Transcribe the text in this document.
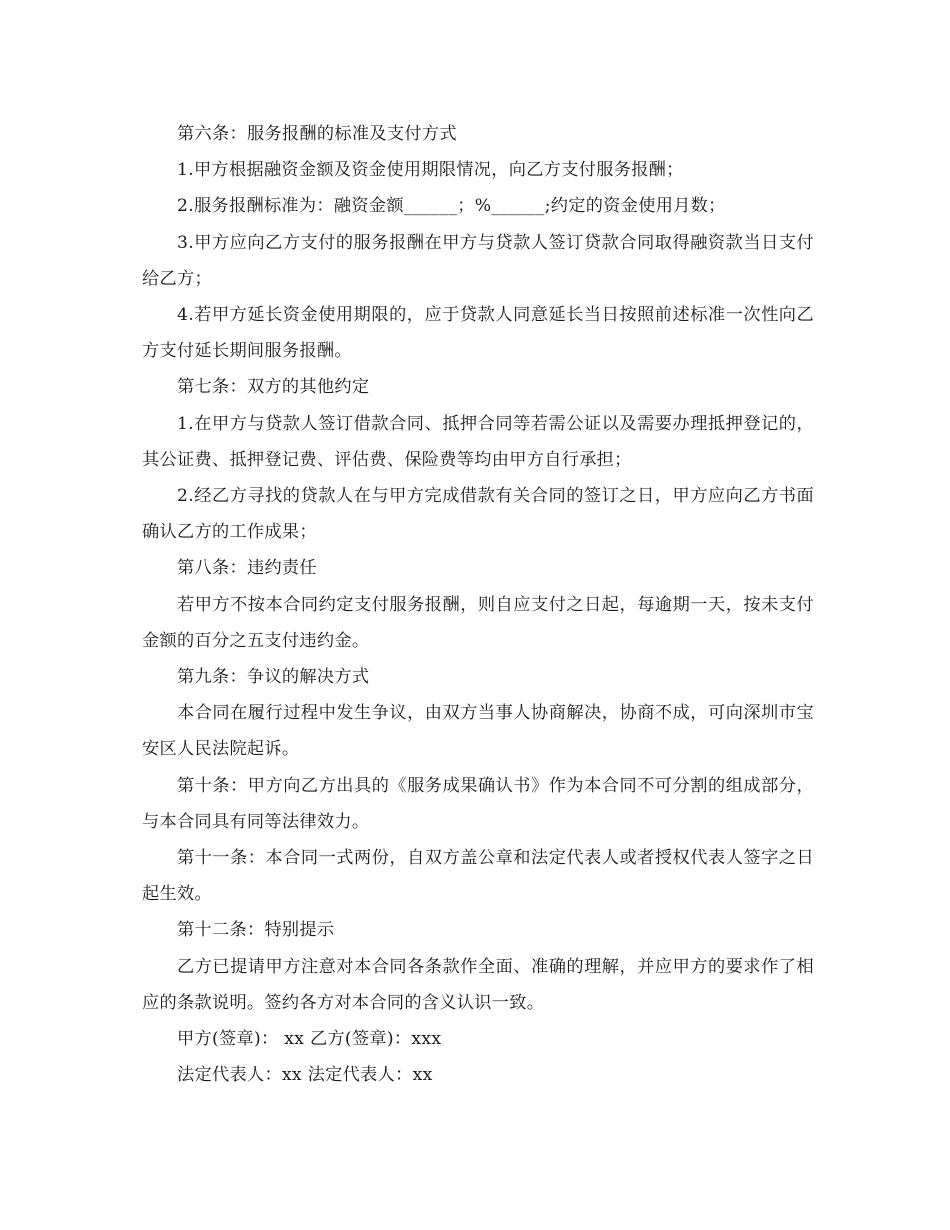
第六条：服务报酬的标准及支付方式

1.甲方根据融资金额及资金使用期限情况，向乙方支付服务报酬；

2.服务报酬标准为：融资金额______；%______;约定的资金使用月数；

3.甲方应向乙方支付的服务报酬在甲方与贷款人签订贷款合同取得融资款当日支付给乙方；

4.若甲方延长资金使用期限的，应于贷款人同意延长当日按照前述标准一次性向乙方支付延长期间服务报酬。

第七条：双方的其他约定

1.在甲方与贷款人签订借款合同、抵押合同等若需公证以及需要办理抵押登记的，其公证费、抵押登记费、评估费、保险费等均由甲方自行承担；

2.经乙方寻找的贷款人在与甲方完成借款有关合同的签订之日，甲方应向乙方书面确认乙方的工作成果；

第八条：违约责任

若甲方不按本合同约定支付服务报酬，则自应支付之日起，每逾期一天，按未支付金额的百分之五支付违约金。

第九条：争议的解决方式

本合同在履行过程中发生争议，由双方当事人协商解决，协商不成，可向深圳市宝安区人民法院起诉。

第十条：甲方向乙方出具的《服务成果确认书》作为本合同不可分割的组成部分，与本合同具有同等法律效力。

第十一条：本合同一式两份，自双方盖公章和法定代表人或者授权代表人签字之日起生效。

第十二条：特别提示

乙方已提请甲方注意对本合同各条款作全面、准确的理解，并应甲方的要求作了相应的条款说明。签约各方对本合同的含义认识一致。

甲方(签章)： xx 乙方(签章)：xxx

法定代表人：xx 法定代表人：xx
